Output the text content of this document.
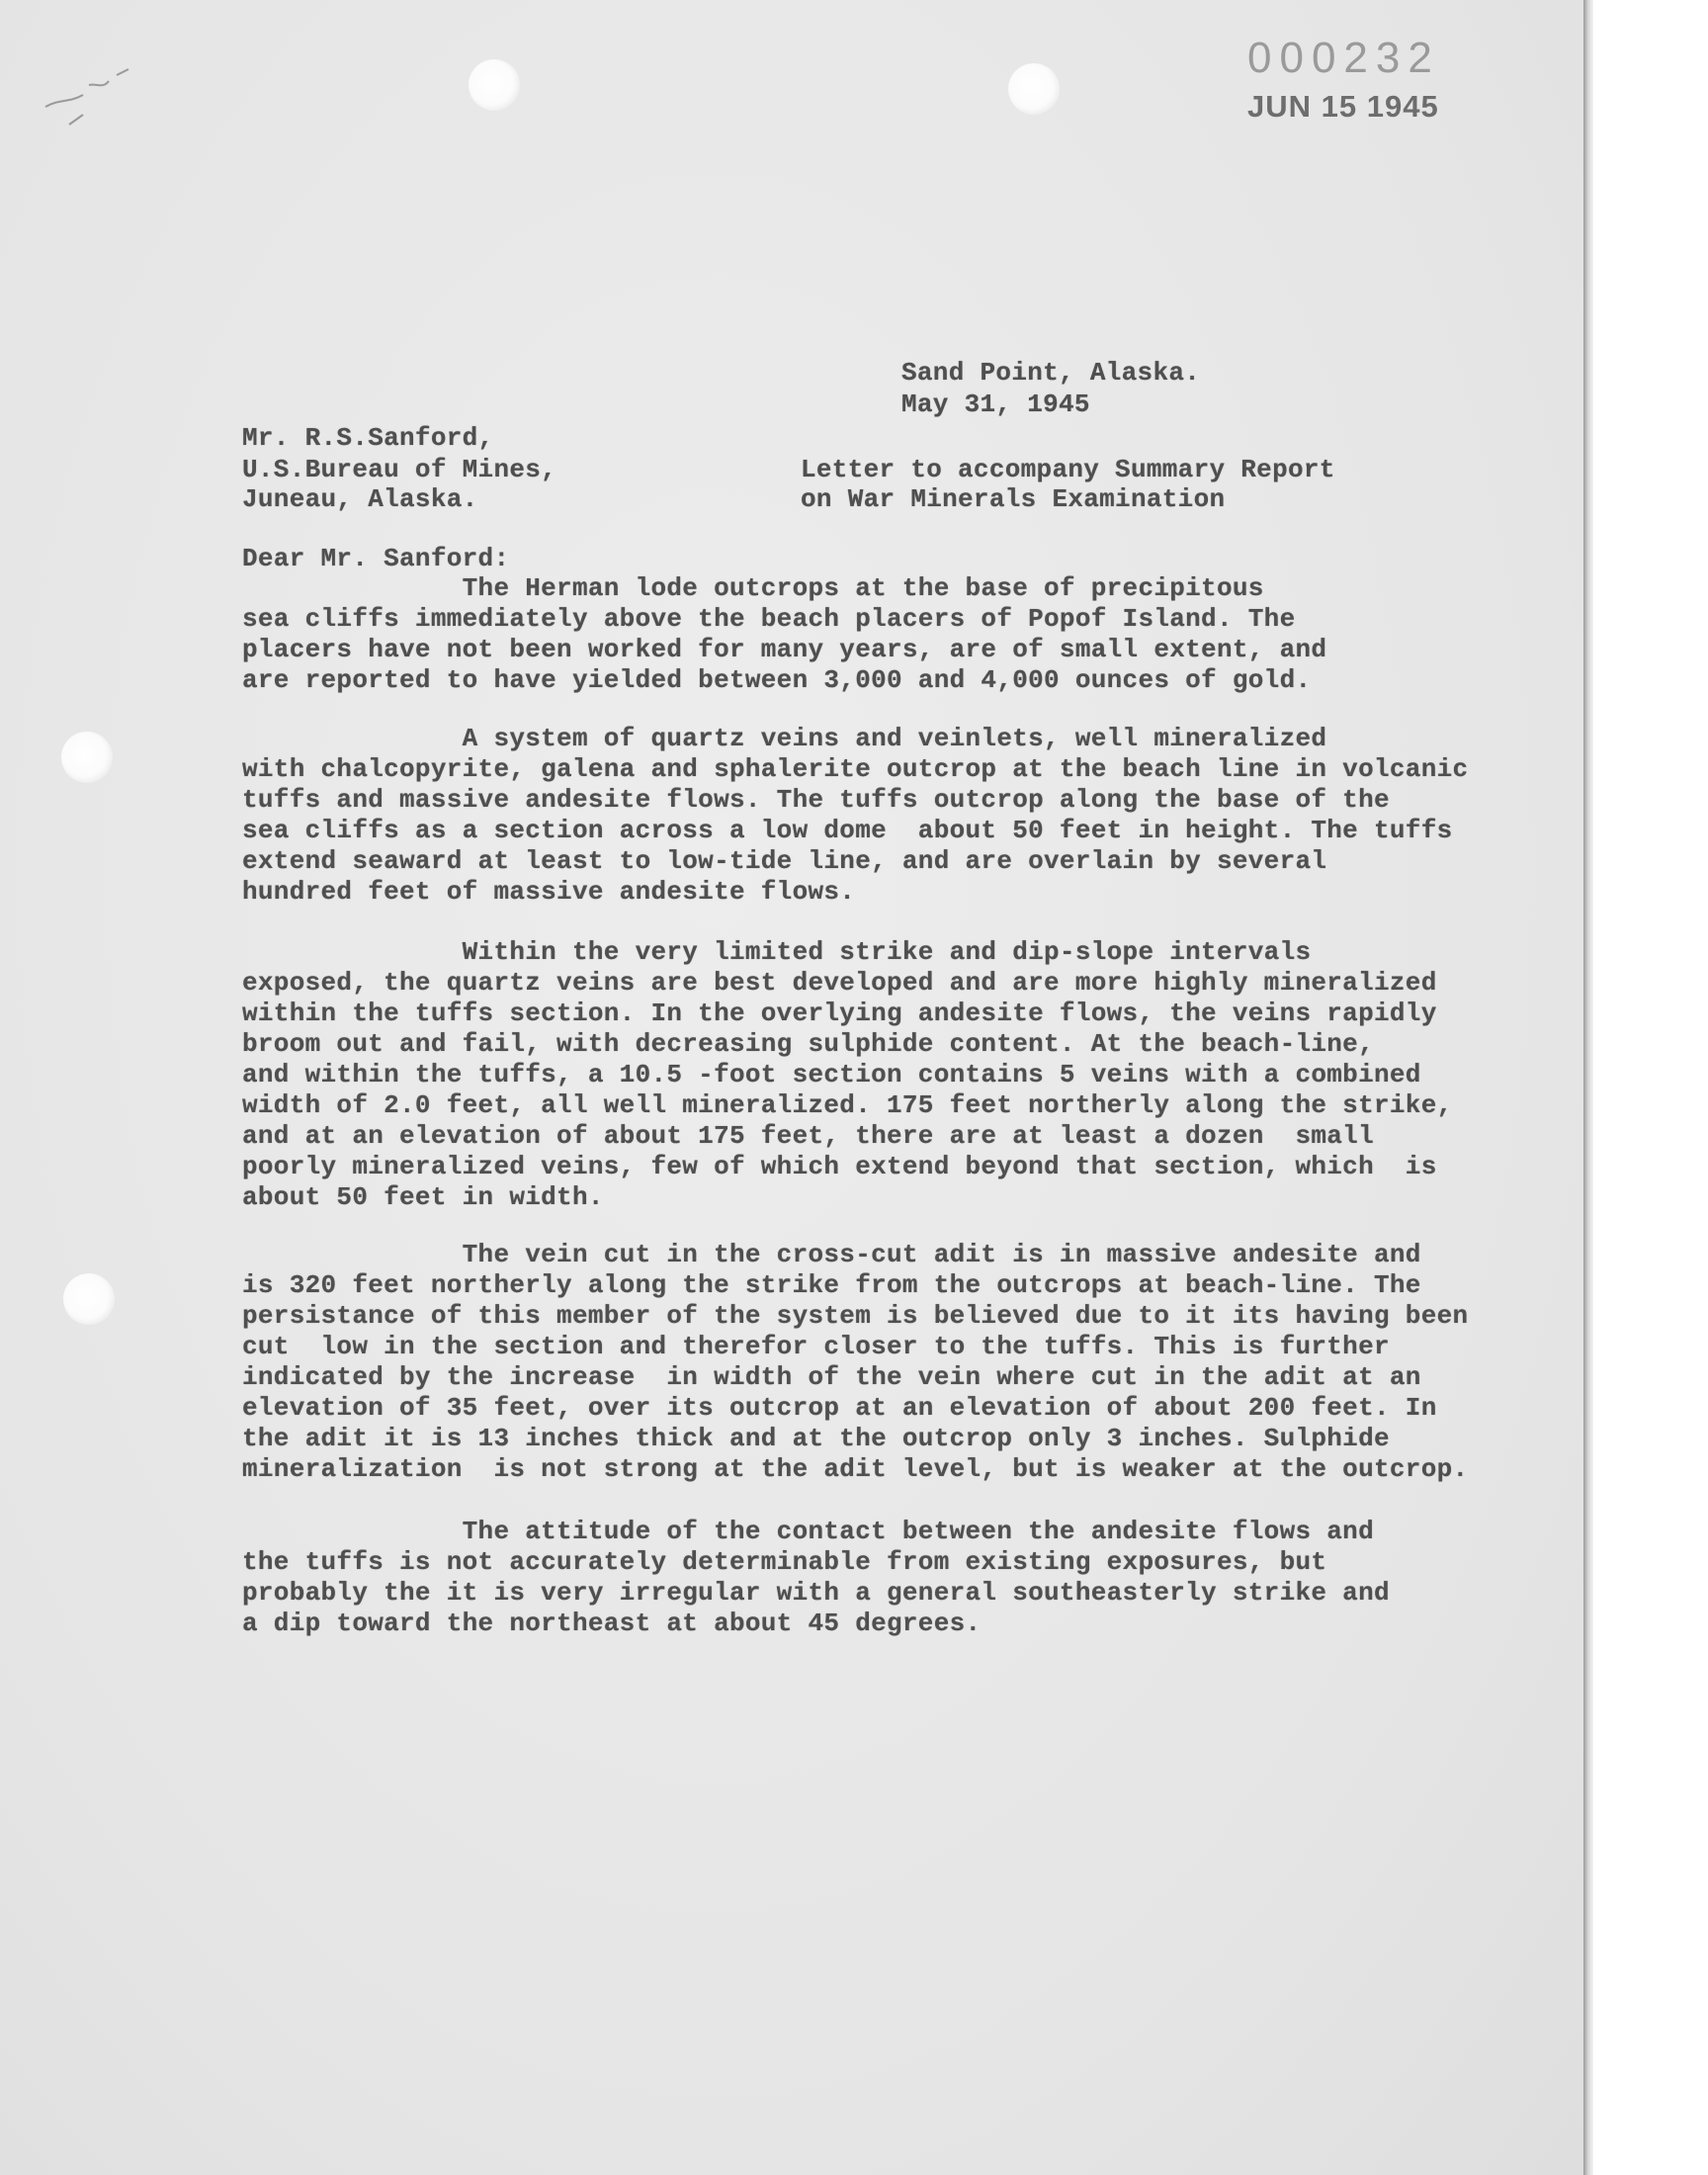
000232
JUN 15 1945
Sand Point, Alaska.
May 31, 1945
Mr. R.S.Sanford,
U.S.Bureau of Mines,
Juneau, Alaska.
Letter to accompany Summary Report
on War Minerals Examination
Dear Mr. Sanford:
The Herman lode outcrops at the base of precipitous
sea cliffs immediately above the beach placers of Popof Island. The
placers have not been worked for many years, are of small extent, and
are reported to have yielded between 3,000 and 4,000 ounces of gold.
A system of quartz veins and veinlets, well mineralized
with chalcopyrite, galena and sphalerite outcrop at the beach line in volcanic
tuffs and massive andesite flows. The tuffs outcrop along the base of the
sea cliffs as a section across a low dome  about 50 feet in height. The tuffs
extend seaward at least to low-tide line, and are overlain by several
hundred feet of massive andesite flows.
Within the very limited strike and dip-slope intervals
exposed, the quartz veins are best developed and are more highly mineralized
within the tuffs section. In the overlying andesite flows, the veins rapidly
broom out and fail, with decreasing sulphide content. At the beach-line,
and within the tuffs, a 10.5 -foot section contains 5 veins with a combined
width of 2.0 feet, all well mineralized. 175 feet northerly along the strike,
and at an elevation of about 175 feet, there are at least a dozen  small
poorly mineralized veins, few of which extend beyond that section, which  is
about 50 feet in width.
The vein cut in the cross-cut adit is in massive andesite and
is 320 feet northerly along the strike from the outcrops at beach-line. The
persistance of this member of the system is believed due to it its having been
cut  low in the section and therefor closer to the tuffs. This is further
indicated by the increase  in width of the vein where cut in the adit at an
elevation of 35 feet, over its outcrop at an elevation of about 200 feet. In
the adit it is 13 inches thick and at the outcrop only 3 inches. Sulphide
mineralization  is not strong at the adit level, but is weaker at the outcrop.
The attitude of the contact between the andesite flows and
the tuffs is not accurately determinable from existing exposures, but
probably the it is very irregular with a general southeasterly strike and
a dip toward the northeast at about 45 degrees.
